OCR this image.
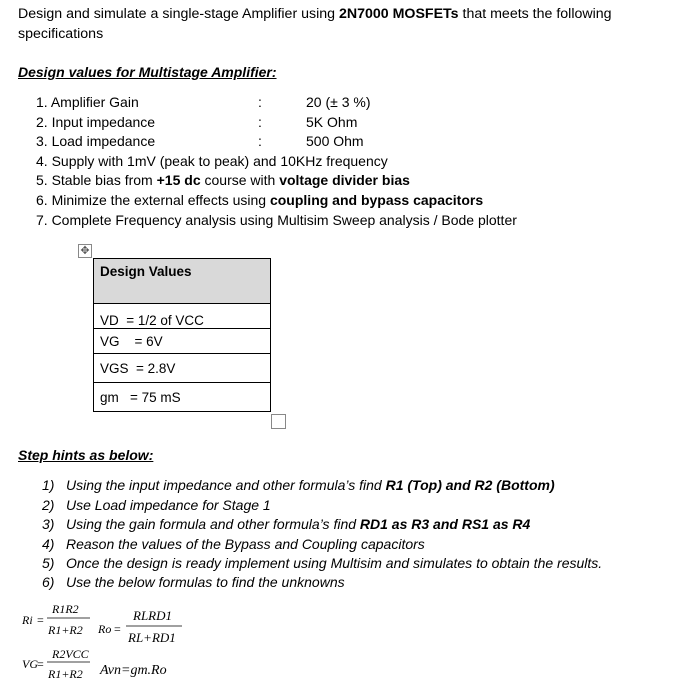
Design and simulate a single-stage Amplifier using 2N7000 MOSFETs that meets the following specifications
Design values for Multistage Amplifier:
1. Amplifier Gain	:	20 (± 3 %)
2. Input impedance	:	5K Ohm
3. Load impedance	:	500 Ohm
4. Supply with 1mV (peak to peak) and 10KHz frequency
5. Stable bias from +15 dc course with voltage divider bias
6. Minimize the external effects using coupling and bypass capacitors
7. Complete Frequency analysis using Multisim Sweep analysis / Bode plotter
✥
Design Values
VD  = 1/2 of VCC
VG    = 6V
VGS  = 2.8V
gm   = 75 mS
Step hints as below:
1) Using the input impedance and other formula’s find R1 (Top) and R2 (Bottom)
2) Use Load impedance for Stage 1
3) Using the gain formula and other formula’s find RD1 as R3 and RS1 as R4
4) Reason the values of the Bypass and Coupling capacitors
5) Once the design is ready implement using Multisim and simulates to obtain the results.
6) Use the below formulas to find the unknowns
Ri =
R1R2
R1+R2 Ro =
RLRD1
RL+RD1
VG =
R2VCC
R1+R2 Avn=gm.Ro
